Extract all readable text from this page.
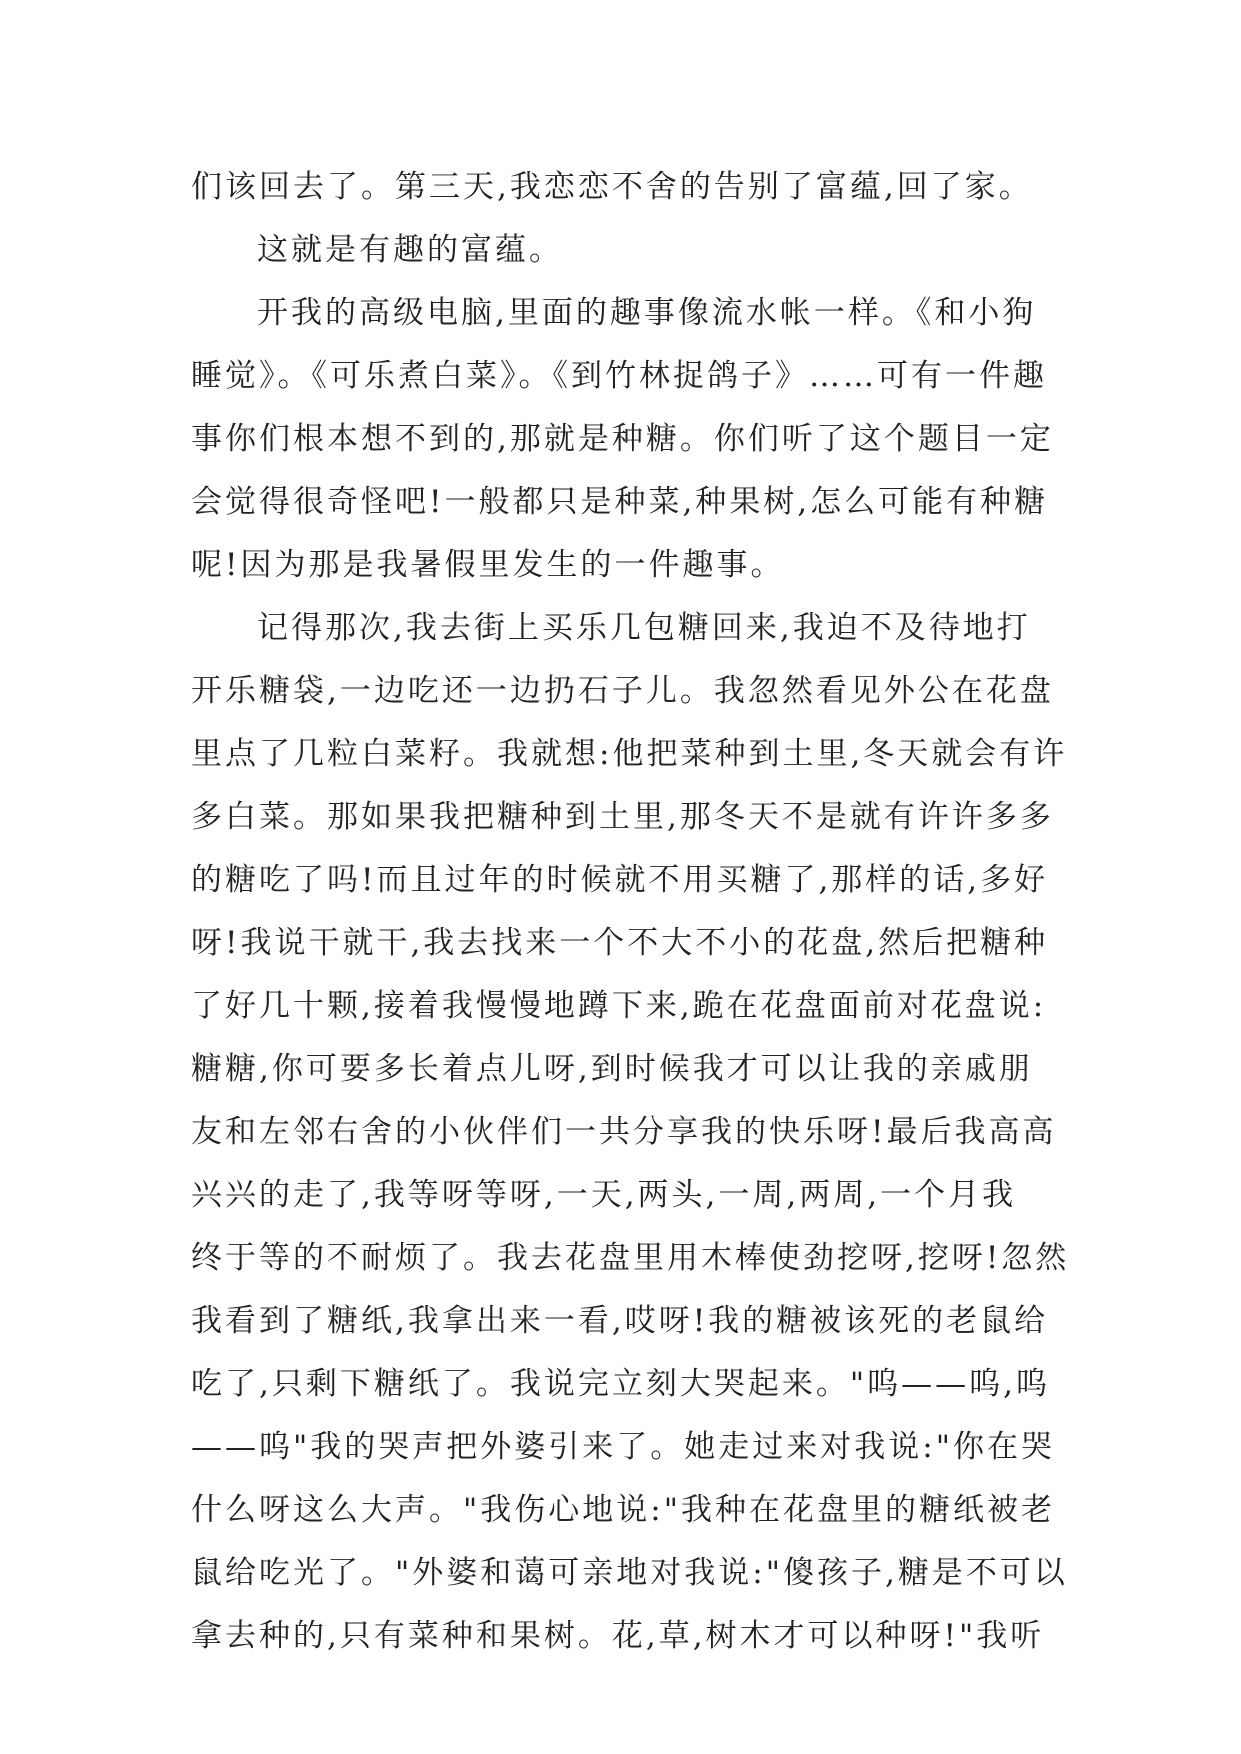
们该回去了。第三天,我恋恋不舍的告别了富蕴,回了家。
这就是有趣的富蕴。
开我的高级电脑,里面的趣事像流水帐一样。《和小狗
睡觉》。《可乐煮白菜》。《到竹林捉鸽子》……可有一件趣
事你们根本想不到的,那就是种糖。你们听了这个题目一定
会觉得很奇怪吧!一般都只是种菜,种果树,怎么可能有种糖
呢!因为那是我暑假里发生的一件趣事。
记得那次,我去街上买乐几包糖回来,我迫不及待地打
开乐糖袋,一边吃还一边扔石子儿。我忽然看见外公在花盘
里点了几粒白菜籽。我就想:他把菜种到土里,冬天就会有许
多白菜。那如果我把糖种到土里,那冬天不是就有许许多多
的糖吃了吗!而且过年的时候就不用买糖了,那样的话,多好
呀!我说干就干,我去找来一个不大不小的花盘,然后把糖种
了好几十颗,接着我慢慢地蹲下来,跪在花盘面前对花盘说:
糖糖,你可要多长着点儿呀,到时候我才可以让我的亲戚朋
友和左邻右舍的小伙伴们一共分享我的快乐呀!最后我高高
兴兴的走了,我等呀等呀,一天,两头,一周,两周,一个月我
终于等的不耐烦了。我去花盘里用木棒使劲挖呀,挖呀!忽然
我看到了糖纸,我拿出来一看,哎呀!我的糖被该死的老鼠给
吃了,只剩下糖纸了。我说完立刻大哭起来。"呜——呜,呜
——呜"我的哭声把外婆引来了。她走过来对我说:"你在哭
什么呀这么大声。"我伤心地说:"我种在花盘里的糖纸被老
鼠给吃光了。"外婆和蔼可亲地对我说:"傻孩子,糖是不可以
拿去种的,只有菜种和果树。花,草,树木才可以种呀!"我听
